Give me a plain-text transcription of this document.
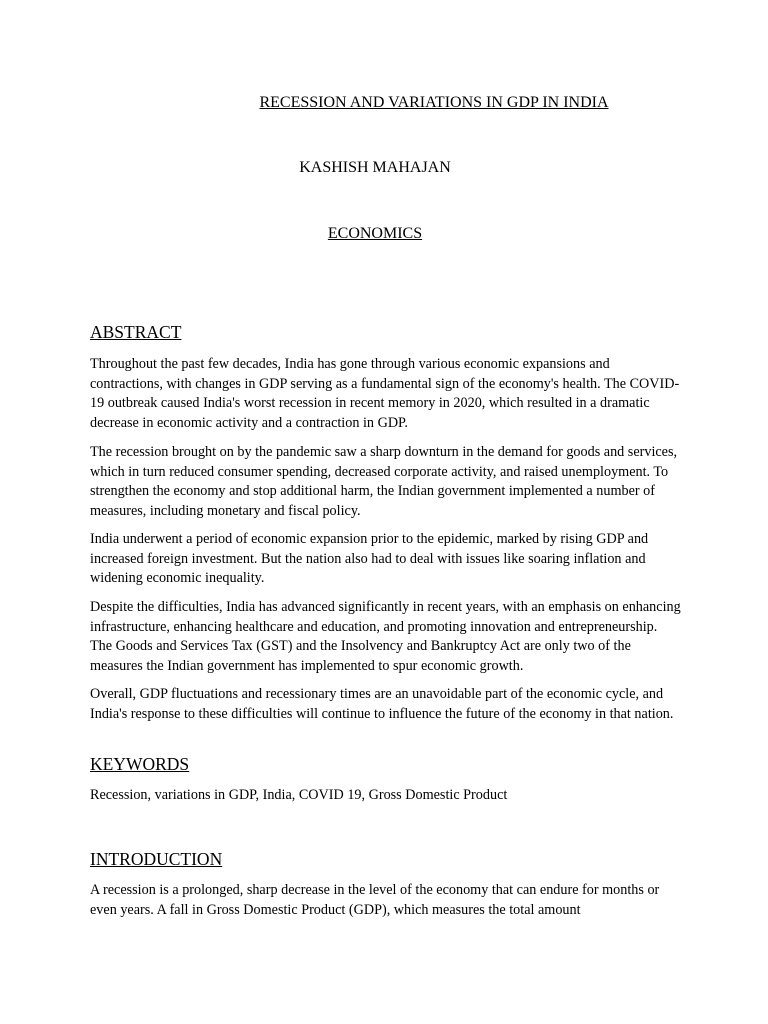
RECESSION AND VARIATIONS IN GDP IN INDIA
KASHISH MAHAJAN
ECONOMICS
ABSTRACT

Throughout the past few decades, India has gone through various economic expansions and contractions, with changes in GDP serving as a fundamental sign of the economy's health. The COVID-19 outbreak caused India's worst recession in recent memory in 2020, which resulted in a dramatic decrease in economic activity and a contraction in GDP.

The recession brought on by the pandemic saw a sharp downturn in the demand for goods and services, which in turn reduced consumer spending, decreased corporate activity, and raised unemployment. To strengthen the economy and stop additional harm, the Indian government implemented a number of measures, including monetary and fiscal policy.

India underwent a period of economic expansion prior to the epidemic, marked by rising GDP and increased foreign investment. But the nation also had to deal with issues like soaring inflation and widening economic inequality.

Despite the difficulties, India has advanced significantly in recent years, with an emphasis on enhancing infrastructure, enhancing healthcare and education, and promoting innovation and entrepreneurship. The Goods and Services Tax (GST) and the Insolvency and Bankruptcy Act are only two of the measures the Indian government has implemented to spur economic growth.

Overall, GDP fluctuations and recessionary times are an unavoidable part of the economic cycle, and India's response to these difficulties will continue to influence the future of the economy in that nation.

KEYWORDS

Recession, variations in GDP, India, COVID 19, Gross Domestic Product

INTRODUCTION

A recession is a prolonged, sharp decrease in the level of the economy that can endure for months or even years. A fall in Gross Domestic Product (GDP), which measures the total amount
